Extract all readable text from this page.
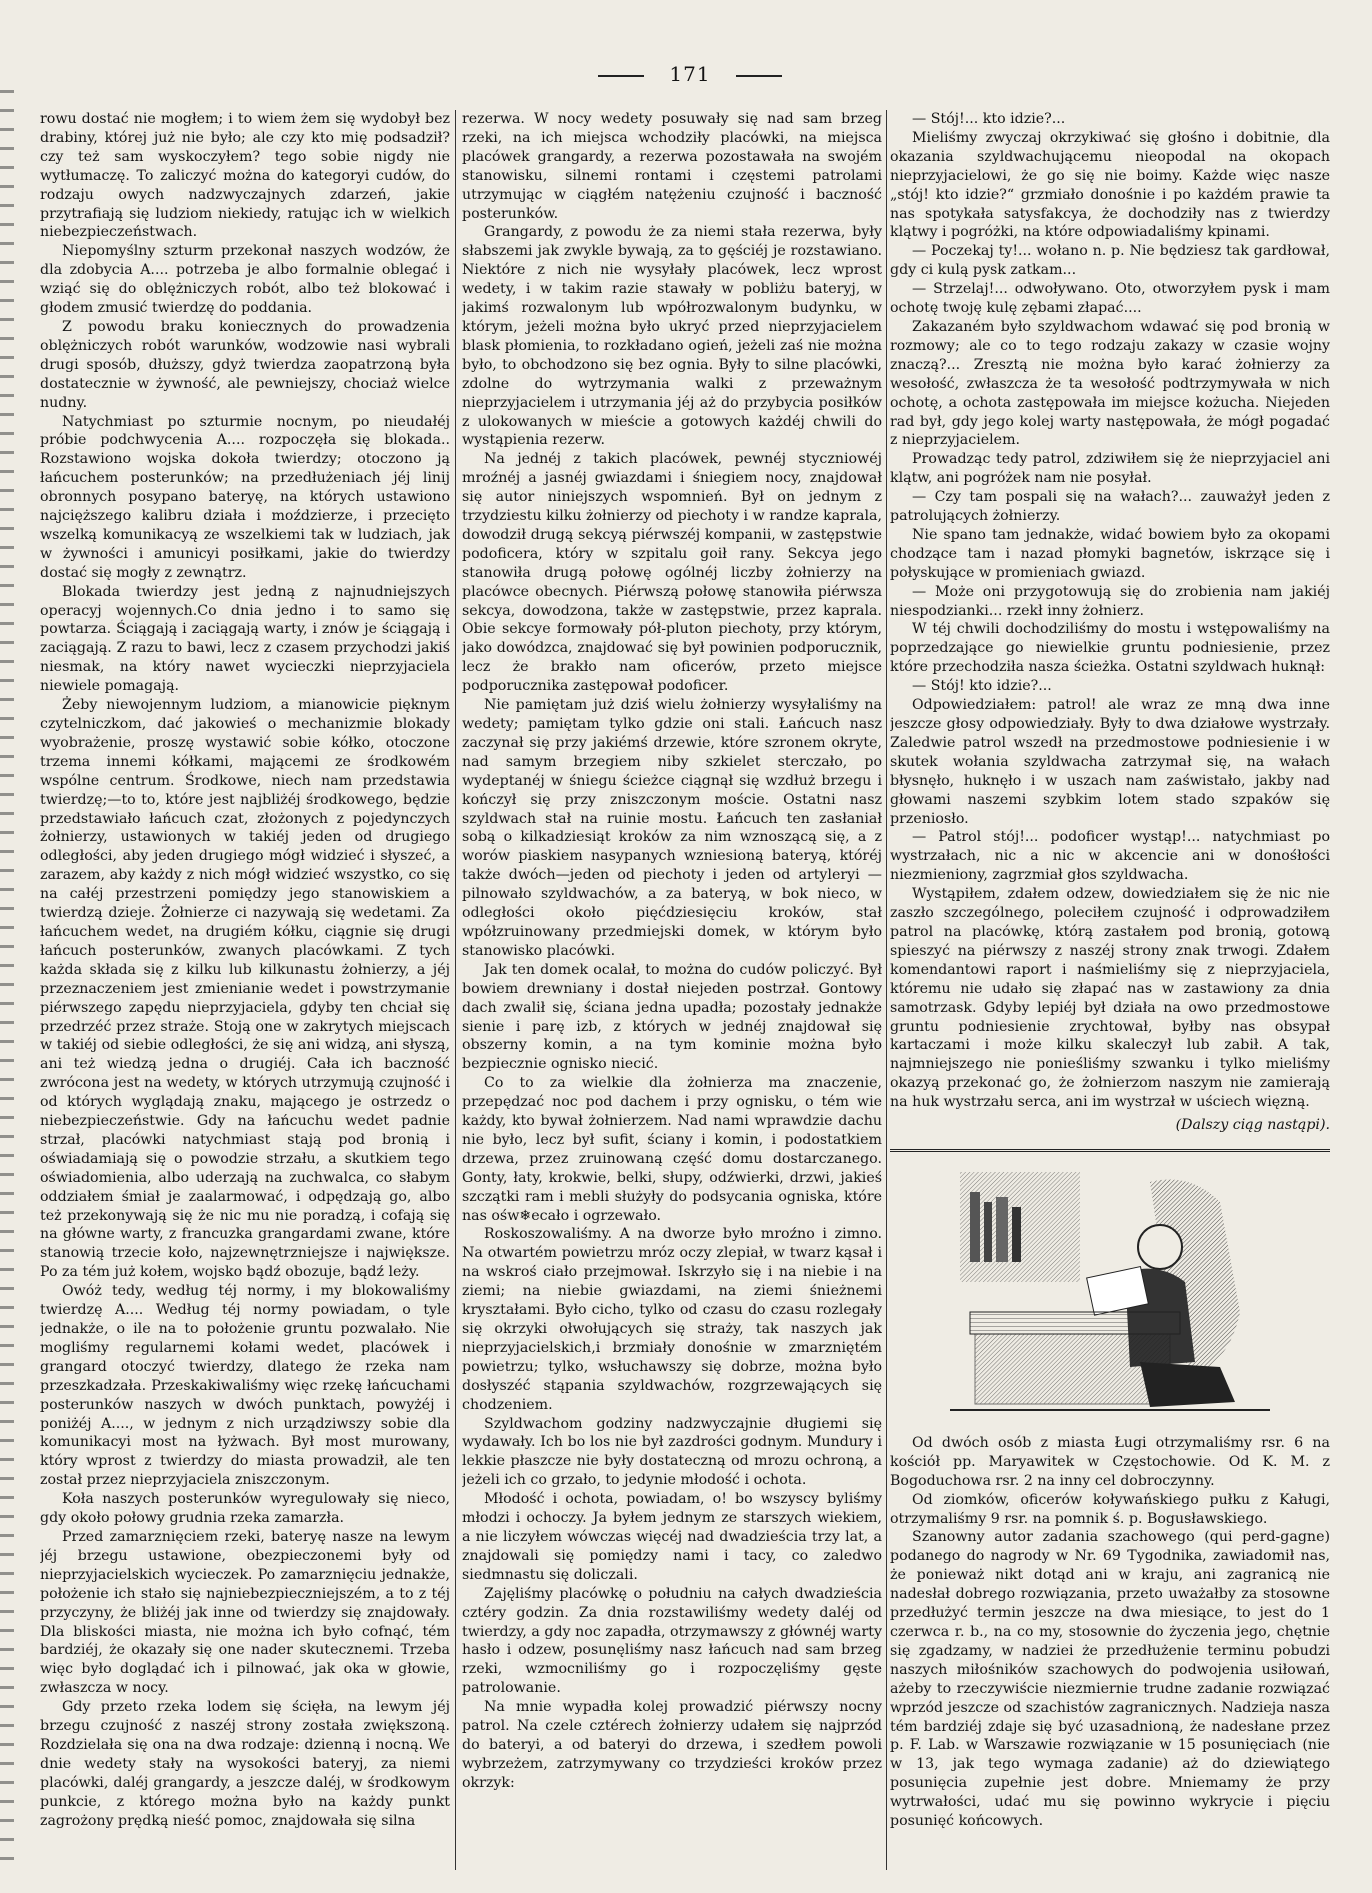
171

rowu dostać nie mogłem; i to wiem żem się wydobył bez drabiny, której już nie było; ale czy kto mię podsadził? czy też sam wyskoczyłem? tego sobie nigdy nie wytłumaczę. To zaliczyć można do kategoryi cudów, do rodzaju owych nadzwyczajnych zdarzeń, jakie przytrafiają się ludziom niekiedy, ratując ich w wielkich niebezpieczeństwach.

Niepomyślny szturm przekonał naszych wodzów, że dla zdobycia A.... potrzeba je albo formalnie oblegać i wziąć się do oblężniczych robót, albo też blokować i głodem zmusić twierdzę do poddania.

Z powodu braku koniecznych do prowadzenia oblężniczych robót warunków, wodzowie nasi wybrali drugi sposób, dłuższy, gdyż twierdza zaopatrzoną była dostatecznie w żywność, ale pewniejszy, chociaż wielce nudny.

Natychmiast po szturmie nocnym, po nieudałéj próbie podchwycenia A.... rozpoczęła się blokada.. Rozstawiono wojska dokoła twierdzy; otoczono ją łańcuchem posterunków; na przedłużeniach jéj linij obronnych posypano bateryę, na których ustawiono najcięższego kalibru działa i moździerze, i przecięto wszelką komunikacyą ze wszelkiemi tak w ludziach, jak w żywności i amunicyi posiłkami, jakie do twierdzy dostać się mogły z zewnątrz.

Blokada twierdzy jest jedną z najnudniejszych operacyj wojennych.Co dnia jedno i to samo się powtarza. Ściągają i zaciągają warty, i znów je ściągają i zaciągają. Z razu to bawi, lecz z czasem przychodzi jakiś niesmak, na który nawet wycieczki nieprzyjaciela niewiele pomagają.

Żeby niewojennym ludziom, a mianowicie pięknym czytelniczkom, dać jakowieś o mechanizmie blokady wyobrażenie, proszę wystawić sobie kółko, otoczone trzema innemi kółkami, mającemi ze środkowém wspólne centrum. Środkowe, niech nam przedstawia twierdzę;—to to, które jest najbliżéj środkowego, będzie przedstawiało łańcuch czat, złożonych z pojedynczych żołnierzy, ustawionych w takiéj jeden od drugiego odległości, aby jeden drugiego mógł widzieć i słyszeć, a zarazem, aby każdy z nich mógł widzieć wszystko, co się na całéj przestrzeni pomiędzy jego stanowiskiem a twierdzą dzieje. Żołnierze ci nazywają się wedetami. Za łańcuchem wedet, na drugiém kółku, ciągnie się drugi łańcuch posterunków, zwanych placówkami. Z tych każda składa się z kilku lub kilkunastu żołnierzy, a jéj przeznaczeniem jest zmienianie wedet i powstrzymanie piérwszego zapędu nieprzyjaciela, gdyby ten chciał się przedrzéć przez straże. Stoją one w zakrytych miejscach w takiéj od siebie odległości, że się ani widzą, ani słyszą, ani też wiedzą jedna o drugiéj. Cała ich baczność zwrócona jest na wedety, w których utrzymują czujność i od których wyglądają znaku, mającego je ostrzedz o niebezpieczeństwie. Gdy na łańcuchu wedet padnie strzał, placówki natychmiast stają pod bronią i oświadamiają się o powodzie strzału, a skutkiem tego oświadomienia, albo uderzają na zuchwalca, co słabym oddziałem śmiał je zaalarmować, i odpędzają go, albo też przekonywają się że nic mu nie poradzą, i cofają się na główne warty, z francuzka grangardami zwane, które stanowią trzecie koło, najzewnętrzniejsze i największe. Po za tém już kołem, wojsko bądź obozuje, bądź leży.

Owóż tedy, według téj normy, i my blokowaliśmy twierdzę A.... Według téj normy powiadam, o tyle jednakże, o ile na to położenie gruntu pozwalało. Nie mogliśmy regularnemi kołami wedet, placówek i grangard otoczyć twierdzy, dlatego że rzeka nam przeszkadzała. Przeskakiwaliśmy więc rzekę łańcuchami posterunków naszych w dwóch punktach, powyżéj i poniżéj A...., w jednym z nich urządziwszy sobie dla komunikacyi most na łyżwach. Był most murowany, który wprost z twierdzy do miasta prowadził, ale ten został przez nieprzyjaciela zniszczonym.

Koła naszych posterunków wyregulowały się nieco, gdy około połowy grudnia rzeka zamarzła.

Przed zamarznięciem rzeki, bateryę nasze na lewym jéj brzegu ustawione, obezpieczonemi były od nieprzyjacielskich wycieczek. Po zamarznięciu jednakże, położenie ich stało się najniebezpieczniejszém, a to z téj przyczyny, że bliżéj jak inne od twierdzy się znajdowały. Dla bliskości miasta, nie można ich było cofnąć, tém bardziéj, że okazały się one nader skutecznemi. Trzeba więc było doglądać ich i pilnować, jak oka w głowie, zwłaszcza w nocy.

Gdy przeto rzeka lodem się ścięła, na lewym jéj brzegu czujność z naszéj strony została zwiększoną. Rozdzielała się ona na dwa rodzaje: dzienną i nocną. We dnie wedety stały na wysokości bateryj, za niemi placówki, daléj grangardy, a jeszcze daléj, w środkowym punkcie, z którego można było na każdy punkt zagrożony prędką nieść pomoc, znajdowała się silna

rezerwa. W nocy wedety posuwały się nad sam brzeg rzeki, na ich miejsca wchodziły placówki, na miejsca placówek grangardy, a rezerwa pozostawała na swojém stanowisku, silnemi rontami i częstemi patrolami utrzymując w ciągłém natężeniu czujność i baczność posterunków.

Grangardy, z powodu że za niemi stała rezerwa, były słabszemi jak zwykle bywają, za to gęściéj je rozstawiano. Niektóre z nich nie wysyłały placówek, lecz wprost wedety, i w takim razie stawały w pobliżu bateryj, w jakimś rozwalonym lub wpółrozwalonym budynku, w którym, jeżeli można było ukryć przed nieprzyjacielem blask płomienia, to rozkładano ogień, jeżeli zaś nie można było, to obchodzono się bez ognia. Były to silne placówki, zdolne do wytrzymania walki z przeważnym nieprzyjacielem i utrzymania jéj aż do przybycia posiłków z ulokowanych w mieście a gotowych każdéj chwili do wystąpienia rezerw.

Na jednéj z takich placówek, pewnéj styczniowéj mroźnéj a jasnéj gwiazdami i śniegiem nocy, znajdował się autor niniejszych wspomnień. Był on jednym z trzydziestu kilku żołnierzy od piechoty i w randze kaprala, dowodził drugą sekcyą piérwszéj kompanii, w zastępstwie podoficera, który w szpitalu goił rany. Sekcya jego stanowiła drugą połowę ogólnéj liczby żołnierzy na placówce obecnych. Piérwszą połowę stanowiła piérwsza sekcya, dowodzona, także w zastępstwie, przez kaprala. Obie sekcye formowały pół-pluton piechoty, przy którym, jako dowódzca, znajdować się był powinien podporucznik, lecz że brakło nam oficerów, przeto miejsce podporucznika zastępował podoficer.

Nie pamiętam już dziś wielu żołnierzy wysyłaliśmy na wedety; pamiętam tylko gdzie oni stali. Łańcuch nasz zaczynał się przy jakiémś drzewie, które szronem okryte, nad samym brzegiem niby szkielet sterczało, po wydeptanéj w śniegu ścieżce ciągnął się wzdłuż brzegu i kończył się przy zniszczonym moście. Ostatni nasz szyldwach stał na ruinie mostu. Łańcuch ten zasłaniał sobą o kilkadziesiąt kroków za nim wznoszącą się, a z worów piaskiem nasypanych wzniesioną bateryą, któréj także dwóch—jeden od piechoty i jeden od artyleryi — pilnowało szyldwachów, a za bateryą, w bok nieco, w odległości około pięćdziesięciu kroków, stał wpółzruinowany przedmiejski domek, w którym było stanowisko placówki.

Jak ten domek ocalał, to można do cudów policzyć. Był bowiem drewniany i dostał niejeden postrzał. Gontowy dach zwalił się, ściana jedna upadła; pozostały jednakże sienie i parę izb, z których w jednéj znajdował się obszerny komin, a na tym kominie można było bezpiecznie ognisko niecić.

Co to za wielkie dla żołnierza ma znaczenie, przepędzać noc pod dachem i przy ognisku, o tém wie każdy, kto bywał żołnierzem. Nad nami wprawdzie dachu nie było, lecz był sufit, ściany i komin, i podostatkiem drzewa, przez zruinowaną część domu dostarczanego. Gonty, łaty, krokwie, belki, słupy, odźwierki, drzwi, jakieś szczątki ram i mebli służyły do podsycania ogniska, które nas ośw❄ecało i ogrzewało.

Roskoszowaliśmy. A na dworze było mroźno i zimno. Na otwartém powietrzu mróz oczy zlepiał, w twarz kąsał i na wskroś ciało przejmował. Iskrzyło się i na niebie i na ziemi; na niebie gwiazdami, na ziemi śnieżnemi kryształami. Było cicho, tylko od czasu do czasu rozlegały się okrzyki ołwołujących się straży, tak naszych jak nieprzyjacielskich,i brzmiały donośnie w zmarzniętém powietrzu; tylko, wsłuchawszy się dobrze, można było dosłyszéć stąpania szyldwachów, rozgrzewających się chodzeniem.

Szyldwachom godziny nadzwyczajnie długiemi się wydawały. Ich bo los nie był zazdrości godnym. Mundury i lekkie płaszcze nie były dostateczną od mrozu ochroną, a jeżeli ich co grzało, to jedynie młodość i ochota.

Młodość i ochota, powiadam, o! bo wszyscy byliśmy młodzi i ochoczy. Ja byłem jednym ze starszych wiekiem, a nie liczyłem wówczas więcéj nad dwadzieścia trzy lat, a znajdowali się pomiędzy nami i tacy, co zaledwo siedmnastu się doliczali.

Zajęliśmy placówkę o południu na całych dwadzieścia cztéry godzin. Za dnia rozstawiliśmy wedety daléj od twierdzy, a gdy noc zapadła, otrzymawszy z głównéj warty hasło i odzew, posunęliśmy nasz łańcuch nad sam brzeg rzeki, wzmocniliśmy go i rozpoczęliśmy gęste patrolowanie.

Na mnie wypadła kolej prowadzić piérwszy nocny patrol. Na czele cztérech żołnierzy udałem się najprzód do bateryi, a od bateryi do drzewa, i szedłem powoli wybrzeżem, zatrzymywany co trzydzieści kroków przez okrzyk:

— Stój!... kto idzie?...

Mieliśmy zwyczaj okrzykiwać się głośno i dobitnie, dla okazania szyldwachującemu nieopodal na okopach nieprzyjacielowi, że go się nie boimy. Każde więc nasze „stój! kto idzie?“ grzmiało donośnie i po każdém prawie ta nas spotykała satysfakcya, że dochodziły nas z twierdzy klątwy i pogróżki, na które odpowiadaliśmy kpinami.

— Poczekaj ty!... wołano n. p. Nie będziesz tak gardłował, gdy ci kulą pysk zatkam...

— Strzelaj!... odwoływano. Oto, otworzyłem pysk i mam ochotę twoję kulę zębami złapać....

Zakazaném było szyldwachom wdawać się pod bronią w rozmowy; ale co to tego rodzaju zakazy w czasie wojny znaczą?... Zresztą nie można było karać żołnierzy za wesołość, zwłaszcza że ta wesołość podtrzymywała w nich ochotę, a ochota zastępowała im miejsce kożucha. Niejeden rad był, gdy jego kolej warty następowała, że mógł pogadać z nieprzyjacielem.

Prowadząc tedy patrol, zdziwiłem się że nieprzyjaciel ani klątw, ani pogróżek nam nie posyłał.

— Czy tam pospali się na wałach?... zauważył jeden z patrolujących żołnierzy.

Nie spano tam jednakże, widać bowiem było za okopami chodzące tam i nazad płomyki bagnetów, iskrzące się i połyskujące w promieniach gwiazd.

— Może oni przygotowują się do zrobienia nam jakiéj niespodzianki... rzekł inny żołnierz.

W téj chwili dochodziliśmy do mostu i wstępowaliśmy na poprzedzające go niewielkie gruntu podniesienie, przez które przechodziła nasza ścieżka. Ostatni szyldwach huknął:

— Stój! kto idzie?...

Odpowiedziałem: patrol! ale wraz ze mną dwa inne jeszcze głosy odpowiedziały. Były to dwa działowe wystrzały. Zaledwie patrol wszedł na przedmostowe podniesienie i w skutek wołania szyldwacha zatrzymał się, na wałach błysnęło, huknęło i w uszach nam zaświstało, jakby nad głowami naszemi szybkim lotem stado szpaków się przeniosło.

— Patrol stój!... podoficer wystąp!... natychmiast po wystrzałach, nic a nic w akcencie ani w donośłości niezmieniony, zagrzmiał głos szyldwacha.

Wystąpiłem, zdałem odzew, dowiedziałem się że nic nie zaszło szczególnego, poleciłem czujność i odprowadziłem patrol na placówkę, którą zastałem pod bronią, gotową spieszyć na piérwszy z naszéj strony znak trwogi. Zdałem komendantowi raport i naśmieliśmy się z nieprzyjaciela, któremu nie udało się złapać nas w zastawiony za dnia samotrzask. Gdyby lepiéj był działa na owo przedmostowe gruntu podniesienie zrychtował, byłby nas obsypał kartaczami i może kilku skaleczył lub zabił. A tak, najmniejszego nie ponieśliśmy szwanku i tylko mieliśmy okazyą przekonać go, że żołnierzom naszym nie zamierają na huk wystrzału serca, ani im wystrzał w uściech więzną.

(Dalszy ciąg nastąpi).

Od dwóch osób z miasta Ługi otrzymaliśmy rsr. 6 na kościół pp. Maryawitek w Częstochowie. Od K. M. z Bogoduchowa rsr. 2 na inny cel dobroczynny.

Od ziomków, oficerów koływańskiego pułku z Kaługi, otrzymaliśmy 9 rsr. na pomnik ś. p. Bogusławskiego.

Szanowny autor zadania szachowego (qui perd-gagne) podanego do nagrody w Nr. 69 Tygodnika, zawiadomił nas, że ponieważ nikt dotąd ani w kraju, ani zagranicą nie nadesłał dobrego rozwiązania, przeto uważałby za stosowne przedłużyć termin jeszcze na dwa miesiące, to jest do 1 czerwca r. b., na co my, stosownie do życzenia jego, chętnie się zgadzamy, w nadziei że przedłużenie terminu pobudzi naszych miłośników szachowych do podwojenia usiłowań, ażeby to rzeczywiście niezmiernie trudne zadanie rozwiązać wprzód jeszcze od szachistów zagranicznych. Nadzieja nasza tém bardziéj zdaje się być uzasadnioną, że nadesłane przez p. F. Lab. w Warszawie rozwiązanie w 15 posunięciach (nie w 13, jak tego wymaga zadanie) aż do dziewiątego posunięcia zupełnie jest dobre. Mniemamy że przy wytrwałości, udać mu się powinno wykrycie i pięciu posunięć końcowych.
